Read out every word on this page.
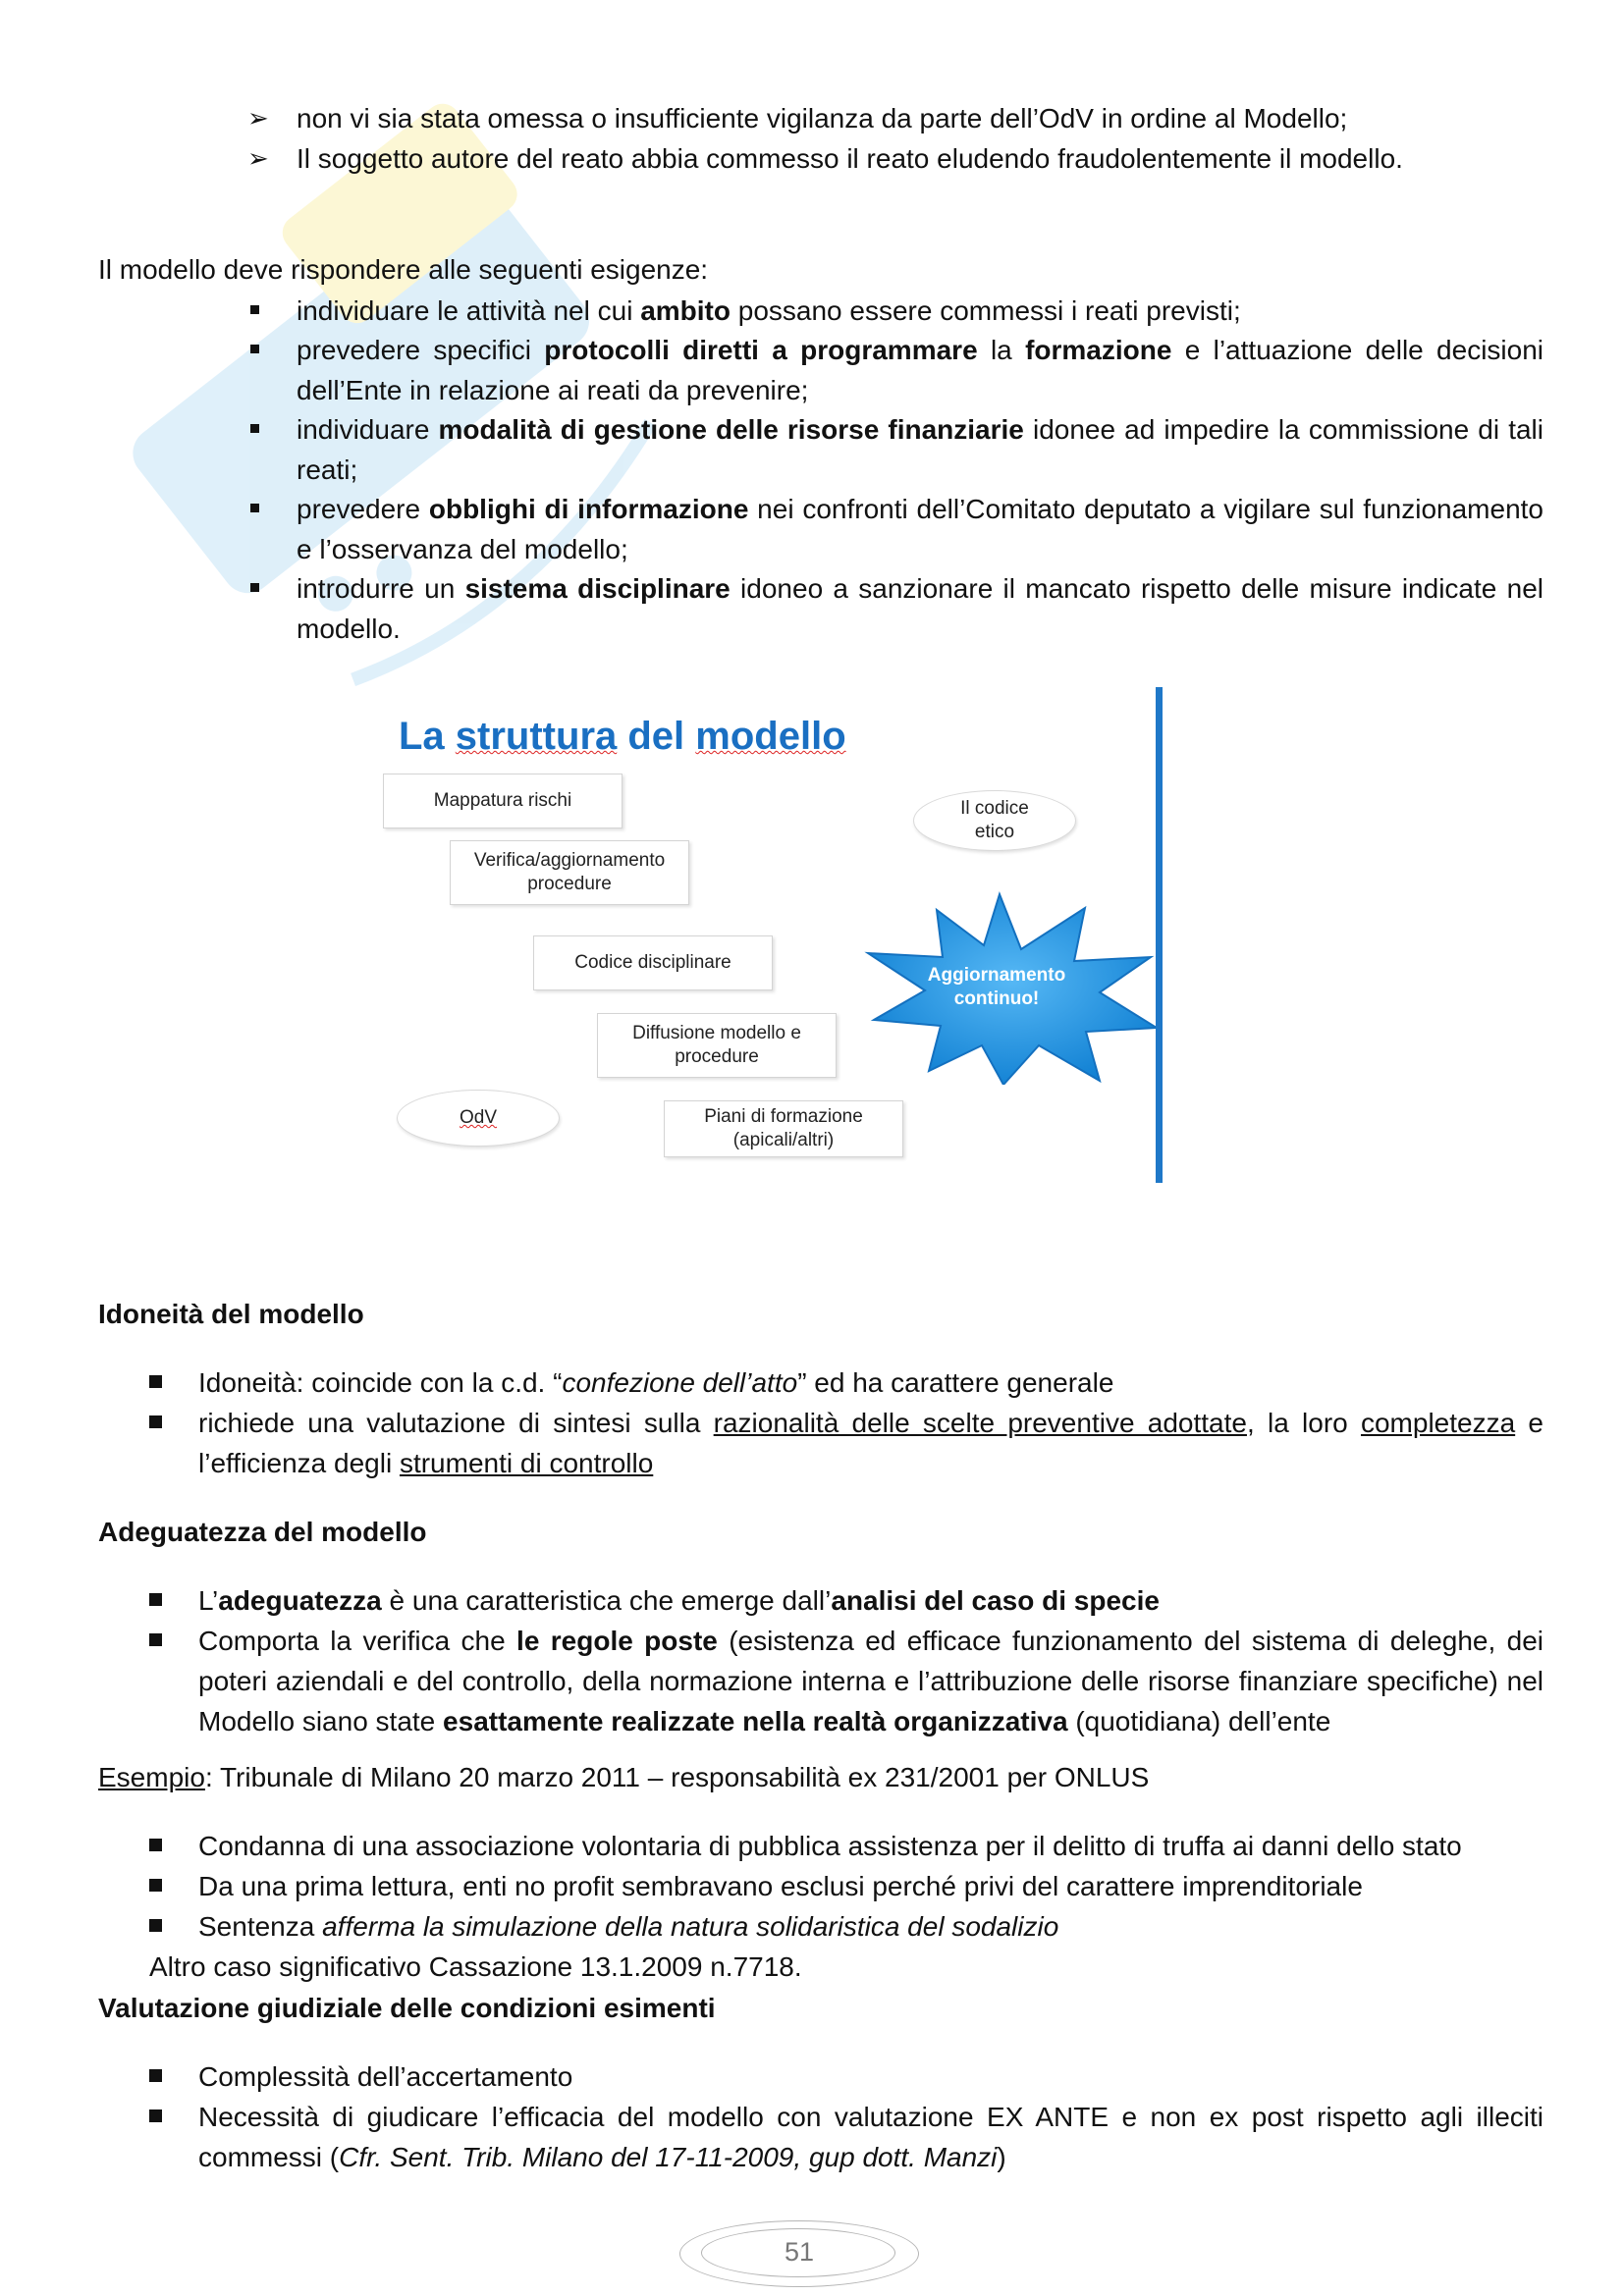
➢ non vi sia stata omessa o insufficiente vigilanza da parte dell’OdV in ordine al Modello;
➢ Il soggetto autore del reato abbia commesso il reato eludendo fraudolentemente il modello.
Il modello deve rispondere alle seguenti esigenze:
individuare le attività nel cui ambito possano essere commessi i reati previsti;
prevedere specifici protocolli diretti a programmare la formazione e l’attuazione delle decisioni dell’Ente in relazione ai reati da prevenire;
individuare modalità di gestione delle risorse finanziarie idonee ad impedire la commissione di tali reati;
prevedere obblighi di informazione nei confronti dell’Comitato deputato a vigilare sul funzionamento e l’osservanza del modello;
introdurre un sistema disciplinare idoneo a sanzionare il mancato rispetto delle misure indicate nel modello.
La struttura del modello
Mappatura rischi
Verifica/aggiornamento
procedure
Codice disciplinare
Diffusione modello e
procedure
Piani di formazione
(apicali/altri)
Il codice
etico
OdV
Aggiornamento
continuo!
Idoneità del modello
Idoneità: coincide con la c.d. “confezione dell’atto” ed ha carattere generale
richiede una valutazione di sintesi sulla razionalità delle scelte preventive adottate, la loro completezza e l’efficienza degli strumenti di controllo
Adeguatezza del modello
L’adeguatezza è una caratteristica che emerge dall’analisi del caso di specie
Comporta la verifica che le regole poste (esistenza ed efficace funzionamento del sistema di deleghe, dei poteri aziendali e del controllo, della normazione interna e l’attribuzione delle risorse finanziare specifiche) nel Modello siano state esattamente realizzate nella realtà organizzativa (quotidiana) dell’ente
Esempio: Tribunale di Milano 20 marzo 2011 – responsabilità ex 231/2001 per ONLUS
Condanna di una associazione volontaria di pubblica assistenza per il delitto di truffa ai danni dello stato
Da una prima lettura, enti no profit sembravano esclusi perché privi del carattere imprenditoriale
Sentenza afferma la simulazione della natura solidaristica del sodalizio
Altro caso significativo Cassazione 13.1.2009 n.7718.
Valutazione giudiziale delle condizioni esimenti
Complessità dell’accertamento
Necessità di giudicare l’efficacia del modello con valutazione EX ANTE e non ex post rispetto agli illeciti commessi (Cfr. Sent. Trib. Milano del 17-11-2009, gup dott. Manzi)
51
